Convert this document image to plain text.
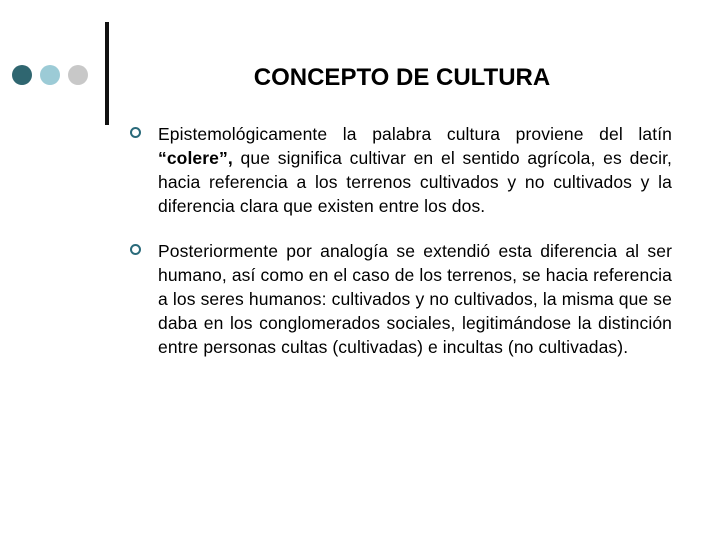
CONCEPTO DE CULTURA
Epistemológicamente la palabra cultura proviene del latín “colere”, que significa cultivar en el sentido agrícola, es decir, hacia referencia a los terrenos cultivados y no cultivados y la diferencia clara que existen entre los dos.
Posteriormente por analogía se extendió esta diferencia al ser humano, así como en el caso de los terrenos, se hacia referencia a los seres humanos: cultivados y no cultivados, la misma que se daba en los conglomerados sociales, legitimándose la distinción entre personas cultas (cultivadas) e incultas (no cultivadas).
